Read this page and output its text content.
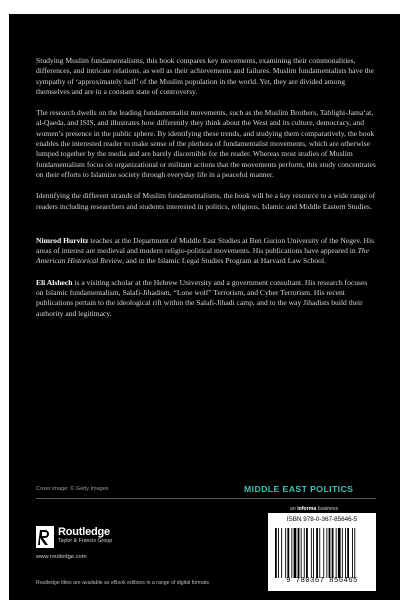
Studying Muslim fundamentalisms, this book compares key movements, examining their commonalities, differences, and intricate relations, as well as their achievements and failures. Muslim fundamentalists have the sympathy of ‘approximately half’ of the Muslim population in the world. Yet, they are divided among themselves and are in a constant state of controversy.

The research dwells on the leading fundamentalist movements, such as the Muslim Brothers, Tablighi-Jama‘at, al-Qaeda, and ISIS, and illustrates how differently they think about the West and its culture, democracy, and women’s presence in the public sphere. By identifying these trends, and studying them comparatively, the book enables the interested reader to make sense of the plethora of fundamentalist movements, which are otherwise lumped together by the media and are barely discernible for the reader. Whereas most studies of Muslim fundamentalism focus on organizational or militant actions that the movements perform, this study concentrates on their efforts to Islamize society through everyday life in a peaceful manner.

Identifying the different strands of Muslim fundamentalisms, the book will be a key resource to a wide range of readers including researchers and students interested in politics, religious, Islamic and Middle Eastern Studies.

Nimrod Hurvitz teaches at the Department of Middle East Studies at Ben Gurion University of the Negev. His areas of interest are medieval and modern religio-political movements. His publications have appeared in The American Historical Review, and in the Islamic Legal Studies Program at Harvard Law School.

Eli Alshech is a visiting scholar at the Hebrew University and a government consultant. His research focuses on Islamic fundamentalism, Salafi-Jihadism, “Lone wolf” Terrorism, and Cyber Terrorism. His recent publications pertain to the ideological rift within the Salafi-Jihadi camp, and to the way Jihadists build their authority and legitimacy.

Cover image: © Getty Images	MIDDLE EAST POLITICS
Routledge
Taylor & Francis Group
www.routledge.com
Routledge titles are available as eBook editions in a range of digital formats
an informa business
ISBN 978-0-367-85646-5
9 780367 856465
